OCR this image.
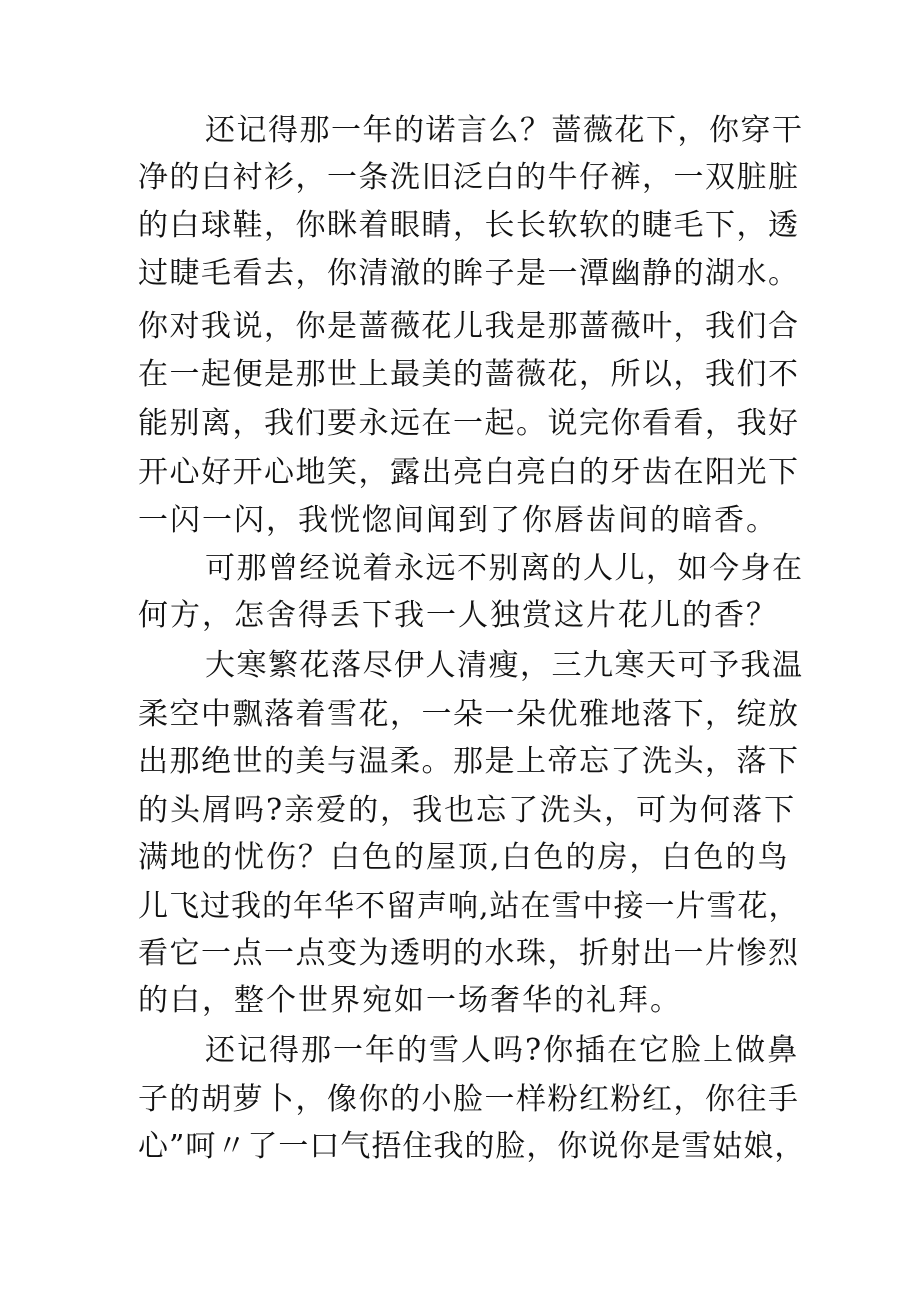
还记得那一年的诺言么？蔷薇花下，你穿干
净的白衬衫，一条洗旧泛白的牛仔裤，一双脏脏
的白球鞋，你眯着眼睛，长长软软的睫毛下，透
过睫毛看去，你清澈的眸子是一潭幽静的湖水。
你对我说，你是蔷薇花儿我是那蔷薇叶，我们合
在一起便是那世上最美的蔷薇花，所以，我们不
能别离，我们要永远在一起。说完你看看，我好
开心好开心地笑，露出亮白亮白的牙齿在阳光下
一闪一闪，我恍惚间闻到了你唇齿间的暗香。
可那曾经说着永远不别离的人儿，如今身在
何方，怎舍得丢下我一人独赏这片花儿的香？
大寒繁花落尽伊人清瘦，三九寒天可予我温
柔空中飘落着雪花，一朵一朵优雅地落下，绽放
出那绝世的美与温柔。那是上帝忘了洗头，落下
的头屑吗?亲爱的，我也忘了洗头，可为何落下
满地的忧伤？白色的屋顶,白色的房，白色的鸟
儿飞过我的年华不留声响,站在雪中接一片雪花，
看它一点一点变为透明的水珠，折射出一片惨烈
的白，整个世界宛如一场奢华的礼拜。
还记得那一年的雪人吗?你插在它脸上做鼻
子的胡萝卜，像你的小脸一样粉红粉红，你往手
心”呵〃了一口气捂住我的脸，你说你是雪姑娘，
